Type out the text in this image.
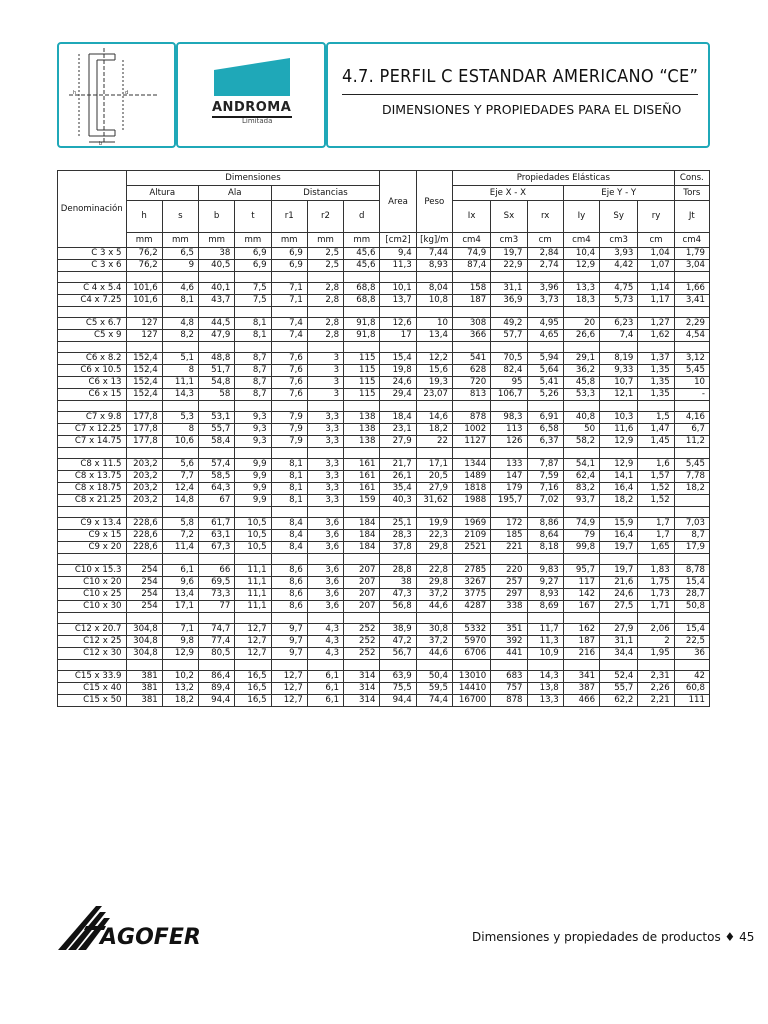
h	d
b
ANDROMA
Limitada
4.7. PERFIL C ESTANDAR AMERICANO “CE”
DIMENSIONES Y PROPIEDADES PARA EL DISEÑO
Denominación	Dimensiones							Area	Peso	Propiedades Elásticas						Cons.
	Altura		Ala		Distancias					Eje X - X			Eje Y - Y			Tors
	h	s	b	t	r1	r2	d			Ix	Sx	rx	Iy	Sy	ry	Jt
	mm	mm	mm	mm	mm	mm	mm	[cm2]	[kg]/m	cm4	cm3	cm	cm4	cm3	cm	cm4
C 3 x 5	76,2	6,5	38	6,9	6,9	2,5	45,6	9,4	7,44	74,9	19,7	2,84	10,4	3,93	1,04	1,79
C 3 x 6	76,2	9	40,5	6,9	6,9	2,5	45,6	11,3	8,93	87,4	22,9	2,74	12,9	4,42	1,07	3,04

C 4 x 5.4	101,6	4,6	40,1	7,5	7,1	2,8	68,8	10,1	8,04	158	31,1	3,96	13,3	4,75	1,14	1,66
C4 x 7.25	101,6	8,1	43,7	7,5	7,1	2,8	68,8	13,7	10,8	187	36,9	3,73	18,3	5,73	1,17	3,41

C5 x 6.7	127	4,8	44,5	8,1	7,4	2,8	91,8	12,6	10	308	49,2	4,95	20	6,23	1,27	2,29
C5 x 9	127	8,2	47,9	8,1	7,4	2,8	91,8	17	13,4	366	57,7	4,65	26,6	7,4	1,62	4,54

C6 x 8.2	152,4	5,1	48,8	8,7	7,6	3	115	15,4	12,2	541	70,5	5,94	29,1	8,19	1,37	3,12
C6 x 10.5	152,4	8	51,7	8,7	7,6	3	115	19,8	15,6	628	82,4	5,64	36,2	9,33	1,35	5,45
C6 x 13	152,4	11,1	54,8	8,7	7,6	3	115	24,6	19,3	720	95	5,41	45,8	10,7	1,35	10
C6 x 15	152,4	14,3	58	8,7	7,6	3	115	29,4	23,07	813	106,7	5,26	53,3	12,1	1,35	-

C7 x 9.8	177,8	5,3	53,1	9,3	7,9	3,3	138	18,4	14,6	878	98,3	6,91	40,8	10,3	1,5	4,16
C7 x 12.25	177,8	8	55,7	9,3	7,9	3,3	138	23,1	18,2	1002	113	6,58	50	11,6	1,47	6,7
C7 x 14.75	177,8	10,6	58,4	9,3	7,9	3,3	138	27,9	22	1127	126	6,37	58,2	12,9	1,45	11,2

C8 x 11.5	203,2	5,6	57,4	9,9	8,1	3,3	161	21,7	17,1	1344	133	7,87	54,1	12,9	1,6	5,45
C8 x 13.75	203,2	7,7	58,5	9,9	8,1	3,3	161	26,1	20,5	1489	147	7,59	62,4	14,1	1,57	7,78
C8 x 18.75	203,2	12,4	64,3	9,9	8,1	3,3	161	35,4	27,9	1818	179	7,16	83,2	16,4	1,52	18,2
C8 x 21.25	203,2	14,8	67	9,9	8,1	3,3	159	40,3	31,62	1988	195,7	7,02	93,7	18,2	1,52	

C9 x 13.4	228,6	5,8	61,7	10,5	8,4	3,6	184	25,1	19,9	1969	172	8,86	74,9	15,9	1,7	7,03
C9 x 15	228,6	7,2	63,1	10,5	8,4	3,6	184	28,3	22,3	2109	185	8,64	79	16,4	1,7	8,7
C9 x 20	228,6	11,4	67,3	10,5	8,4	3,6	184	37,8	29,8	2521	221	8,18	99,8	19,7	1,65	17,9

C10 x 15.3	254	6,1	66	11,1	8,6	3,6	207	28,8	22,8	2785	220	9,83	95,7	19,7	1,83	8,78
C10 x 20	254	9,6	69,5	11,1	8,6	3,6	207	38	29,8	3267	257	9,27	117	21,6	1,75	15,4
C10 x 25	254	13,4	73,3	11,1	8,6	3,6	207	47,3	37,2	3775	297	8,93	142	24,6	1,73	28,7
C10 x 30	254	17,1	77	11,1	8,6	3,6	207	56,8	44,6	4287	338	8,69	167	27,5	1,71	50,8

C12 x 20.7	304,8	7,1	74,7	12,7	9,7	4,3	252	38,9	30,8	5332	351	11,7	162	27,9	2,06	15,4
C12 x 25	304,8	9,8	77,4	12,7	9,7	4,3	252	47,2	37,2	5970	392	11,3	187	31,1	2	22,5
C12 x 30	304,8	12,9	80,5	12,7	9,7	4,3	252	56,7	44,6	6706	441	10,9	216	34,4	1,95	36

C15 x 33.9	381	10,2	86,4	16,5	12,7	6,1	314	63,9	50,4	13010	683	14,3	341	52,4	2,31	42
C15 x 40	381	13,2	89,4	16,5	12,7	6,1	314	75,5	59,5	14410	757	13,8	387	55,7	2,26	60,8
C15 x 50	381	18,2	94,4	16,5	12,7	6,1	314	94,4	74,4	16700	878	13,3	466	62,2	2,21	111
AGOFER	Dimensiones y propiedades de productos ♦ 45
